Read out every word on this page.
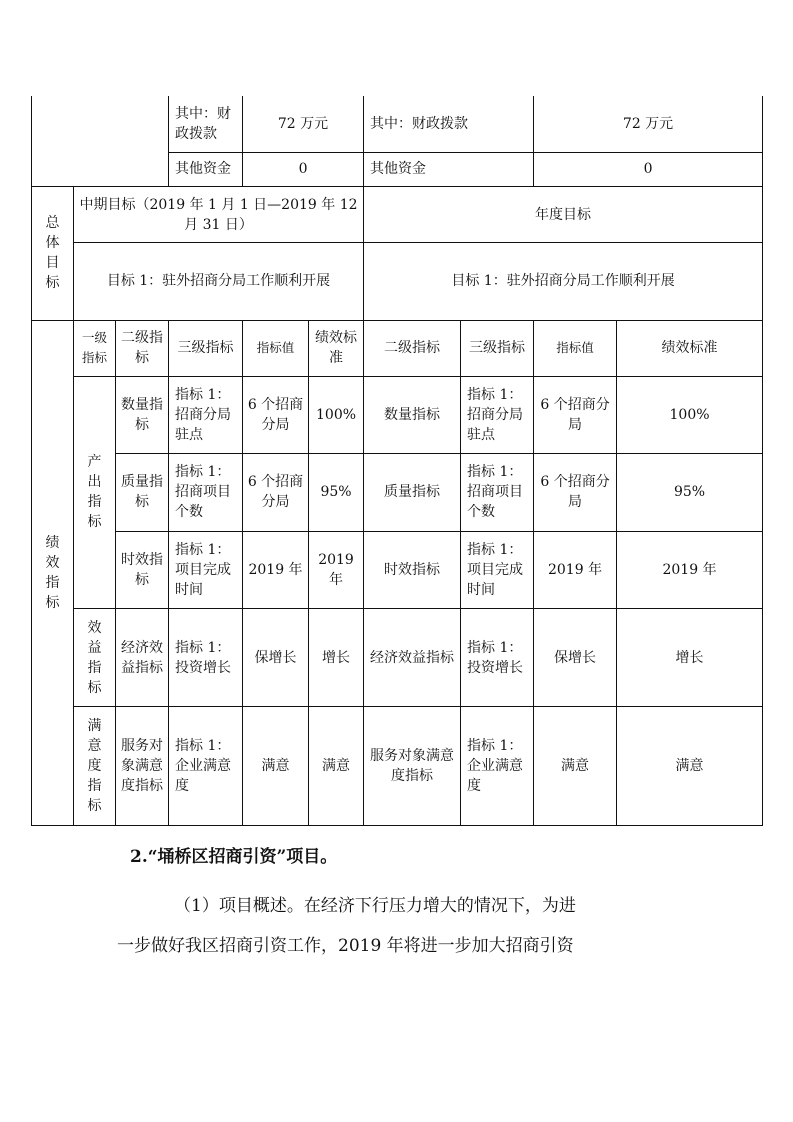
			其中：财政拨款	72 万元		其中：财政拨款		72 万元	
			其他资金	0		其他资金		0	

总体目标	中期目标（2019 年 1 月 1 日—2019 年 12 月 31 日）					年度目标			
	目标 1：驻外招商分局工作顺利开展					目标 1：驻外招商分局工作顺利开展			

绩效指标	一级指标	二级指标	三级指标	指标值	绩效标准	二级指标	三级指标	指标值	绩效标准

	产出指标	数量指标	指标 1：招商分局驻点	6 个招商分局	100%	数量指标	指标 1：招商分局驻点	6 个招商分局	100%
		质量指标	指标 1：招商项目个数	6 个招商分局	95%	质量指标	指标 1：招商项目个数	6 个招商分局	95%
		时效指标	指标 1：项目完成时间	2019 年	2019 年	时效指标	指标 1：项目完成时间	2019 年	2019 年

	效益指标	经济效益指标	指标 1：投资增长	保增长	增长	经济效益指标	指标 1：投资增长	保增长	增长

	满意度指标	服务对象满意度指标	指标 1：企业满意度	满意	满意	服务对象满意度指标	指标 1：企业满意度	满意	满意
2.“埇桥区招商引资”项目。
（1）项目概述。在经济下行压力增大的情况下，为进
一步做好我区招商引资工作，2019 年将进一步加大招商引资
